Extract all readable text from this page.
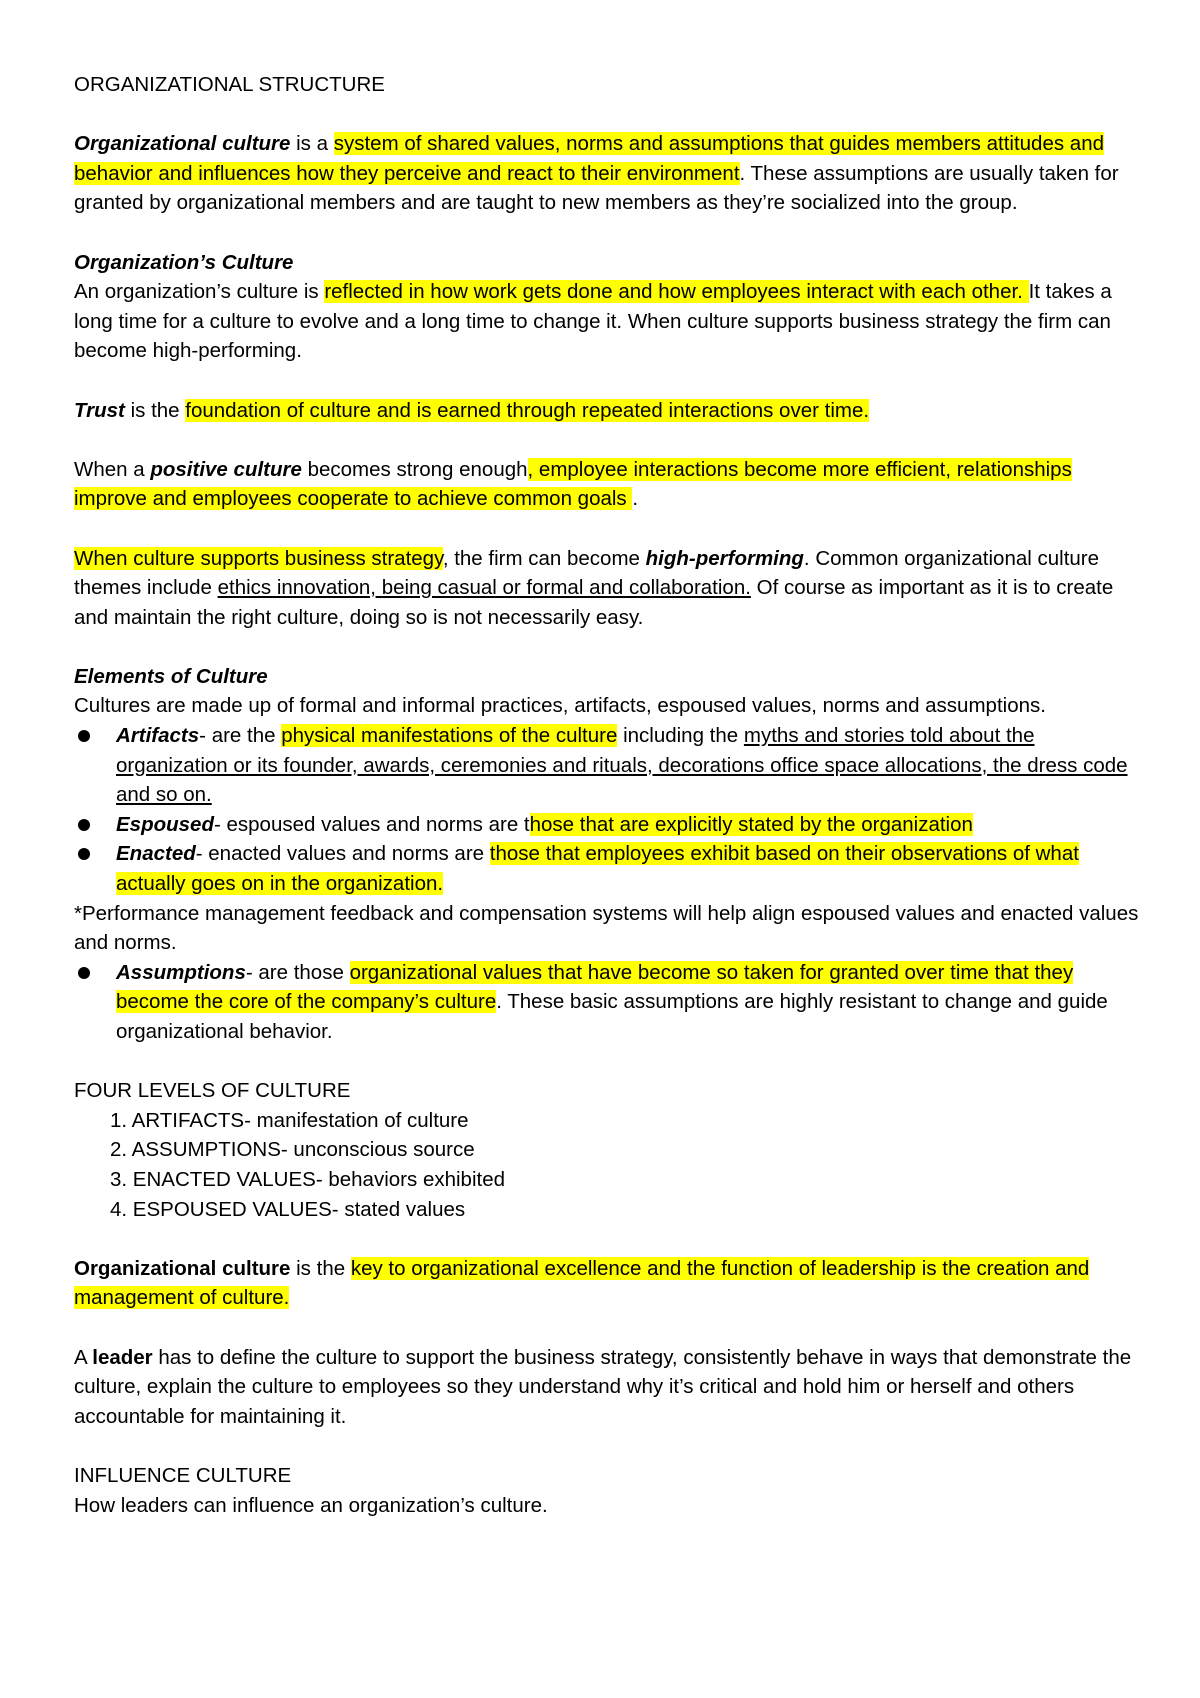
ORGANIZATIONAL STRUCTURE

Organizational culture is a system of shared values, norms and assumptions that guides members attitudes and behavior and influences how they perceive and react to their environment. These assumptions are usually taken for granted by organizational members and are taught to new members as they’re socialized into the group.

Organization’s Culture

An organization’s culture is reflected in how work gets done and how employees interact with each other. It takes a long time for a culture to evolve and a long time to change it. When culture supports business strategy the firm can become high-performing.

Trust is the foundation of culture and is earned through repeated interactions over time.

When a positive culture becomes strong enough, employee interactions become more efficient, relationships improve and employees cooperate to achieve common goals .

When culture supports business strategy, the firm can become high-performing. Common organizational culture themes include ethics innovation, being casual or formal and collaboration. Of course as important as it is to create and maintain the right culture, doing so is not necessarily easy.

Elements of Culture

Cultures are made up of formal and informal practices, artifacts, espoused values, norms and assumptions.

Artifacts- are the physical manifestations of the culture including the myths and stories told about the organization or its founder, awards, ceremonies and rituals, decorations office space allocations, the dress code and so on.
Espoused- espoused values and norms are those that are explicitly stated by the organization
Enacted- enacted values and norms are those that employees exhibit based on their observations of what actually goes on in the organization.

*Performance management feedback and compensation systems will help align espoused values and enacted values and norms.

Assumptions- are those organizational values that have become so taken for granted over time that they become the core of the company’s culture. These basic assumptions are highly resistant to change and guide organizational behavior.

FOUR LEVELS OF CULTURE

1. ARTIFACTS- manifestation of culture
2. ASSUMPTIONS- unconscious source
3. ENACTED VALUES- behaviors exhibited
4. ESPOUSED VALUES- stated values

Organizational culture is the key to organizational excellence and the function of leadership is the creation and management of culture.

A leader has to define the culture to support the business strategy, consistently behave in ways that demonstrate the culture, explain the culture to employees so they understand why it’s critical and hold him or herself and others accountable for maintaining it.

INFLUENCE CULTURE

How leaders can influence an organization’s culture.
